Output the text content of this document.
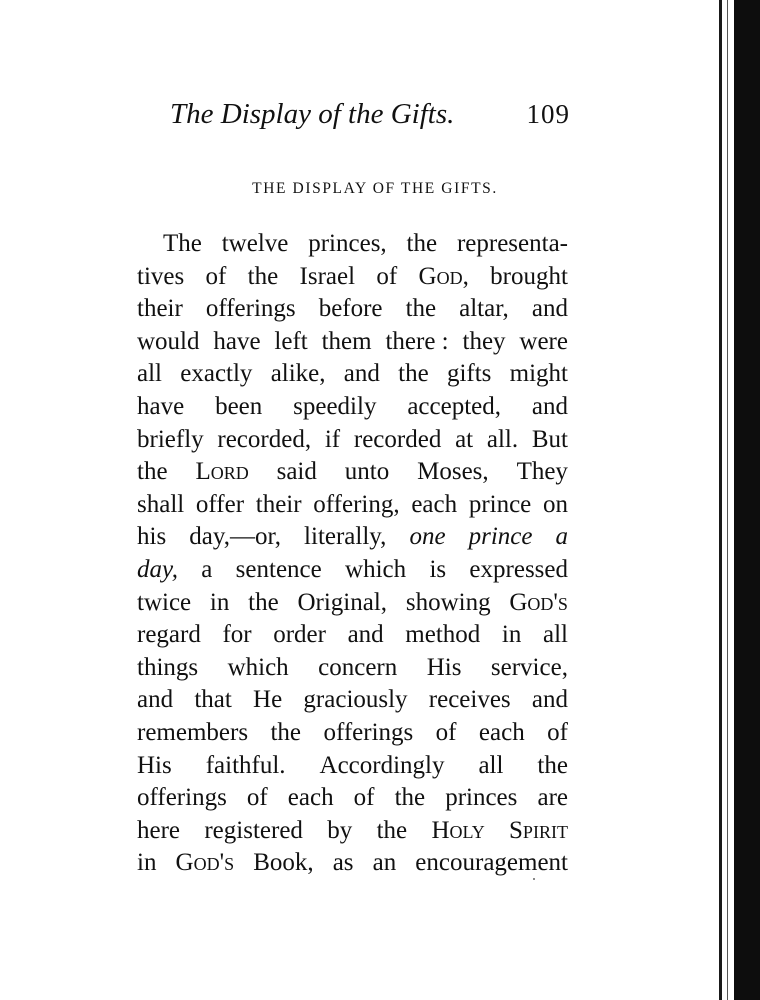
The Display of the Gifts.	109
THE DISPLAY OF THE GIFTS.
The twelve princes, the representa-
tives of the Israel of God, brought
their offerings before the altar, and
would have left them there : they were
all exactly alike, and the gifts might
have been speedily accepted, and
briefly recorded, if recorded at all. But
the Lord said unto Moses, They
shall offer their offering, each prince on
his day,—or, literally, one prince a
day, a sentence which is expressed
twice in the Original, showing God's
regard for order and method in all
things which concern His service,
and that He graciously receives and
remembers the offerings of each of
His faithful. Accordingly all the
offerings of each of the princes are
here registered by the Holy Spirit
in God's Book, as an encouragement
